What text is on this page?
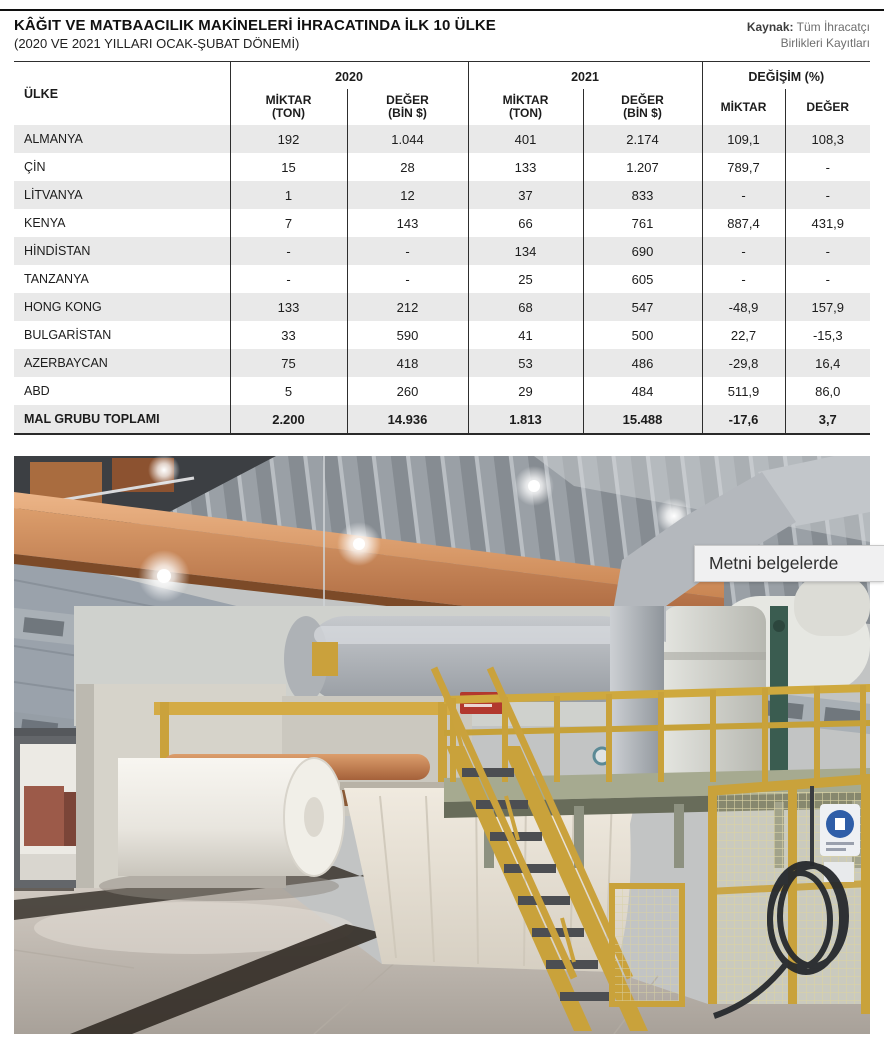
KÂĞIT VE MATBAACILIK MAKİNELERİ İHRACATINDA İLK 10 ÜLKE
(2020 VE 2021 YILLARI OCAK-ŞUBAT DÖNEMİ)
Kaynak: Tüm İhracatçı
Birlikleri Kayıtları
ÜLKE	2020		2021		DEĞİŞİM (%)	

	MİKTAR
(TON)	DEĞER
(BİN $)	MİKTAR
(TON)	DEĞER
(BİN $)	MİKTAR	DEĞER

ALMANYA	192	1.044	401	2.174	109,1	108,3
ÇİN	15	28	133	1.207	789,7	-
LİTVANYA	1	12	37	833	-	-
KENYA	7	143	66	761	887,4	431,9
HİNDİSTAN	-	-	134	690	-	-
TANZANYA	-	-	25	605	-	-
HONG KONG	133	212	68	547	-48,9	157,9
BULGARİSTAN	33	590	41	500	22,7	-15,3
AZERBAYCAN	75	418	53	486	-29,8	16,4
ABD	5	260	29	484	511,9	86,0
MAL GRUBU TOPLAMI	2.200	14.936	1.813	15.488	-17,6	3,7
Metni belgelerde
